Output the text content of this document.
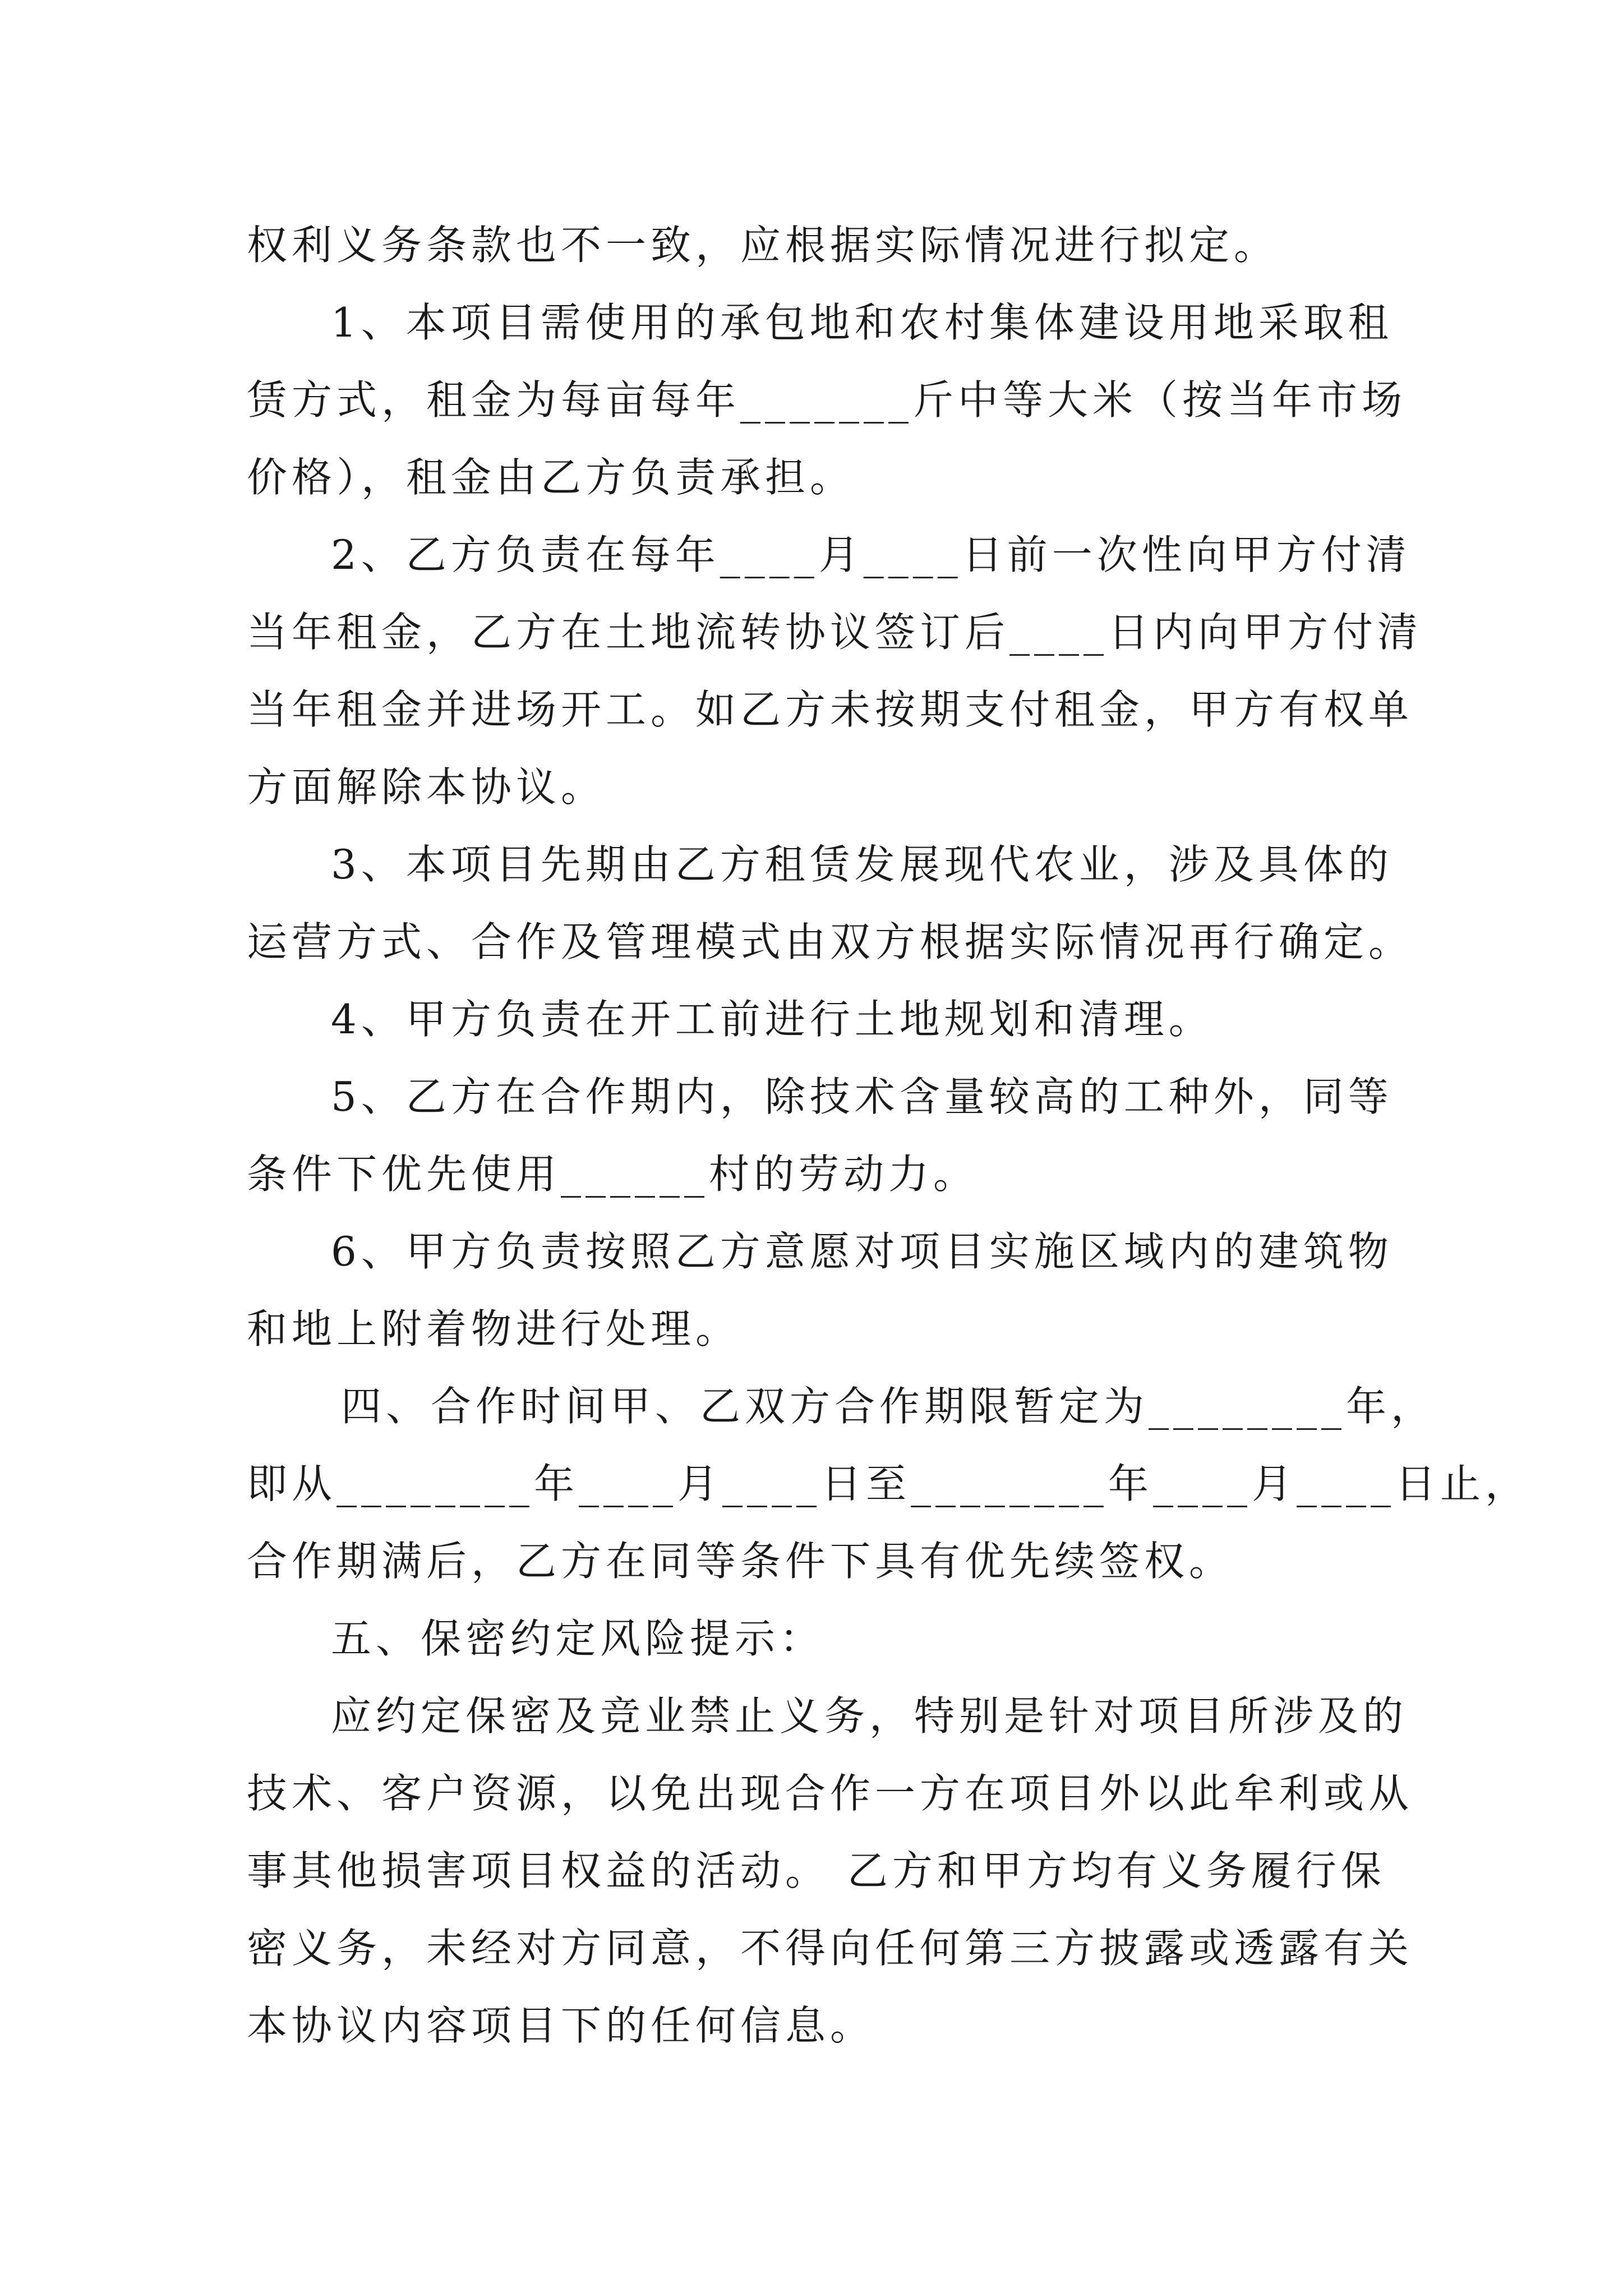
权利义务条款也不一致，应根据实际情况进行拟定。
1、本项目需使用的承包地和农村集体建设用地采取租
赁方式，租金为每亩每年_______斤中等大米（按当年市场
价格），租金由乙方负责承担。
2、乙方负责在每年____月____日前一次性向甲方付清
当年租金，乙方在土地流转协议签订后____日内向甲方付清
当年租金并进场开工。如乙方未按期支付租金，甲方有权单
方面解除本协议。
3、本项目先期由乙方租赁发展现代农业，涉及具体的
运营方式、合作及管理模式由双方根据实际情况再行确定。
4、甲方负责在开工前进行土地规划和清理。
5、乙方在合作期内，除技术含量较高的工种外，同等
条件下优先使用______村的劳动力。
6、甲方负责按照乙方意愿对项目实施区域内的建筑物
和地上附着物进行处理。
四、合作时间甲、乙双方合作期限暂定为________年，
即从________年____月____日至________年____月____日止，
合作期满后，乙方在同等条件下具有优先续签权。
五、保密约定风险提示：
应约定保密及竞业禁止义务，特别是针对项目所涉及的
技术、客户资源，以免出现合作一方在项目外以此牟利或从
事其他损害项目权益的活动。 乙方和甲方均有义务履行保
密义务，未经对方同意，不得向任何第三方披露或透露有关
本协议内容项目下的任何信息。
